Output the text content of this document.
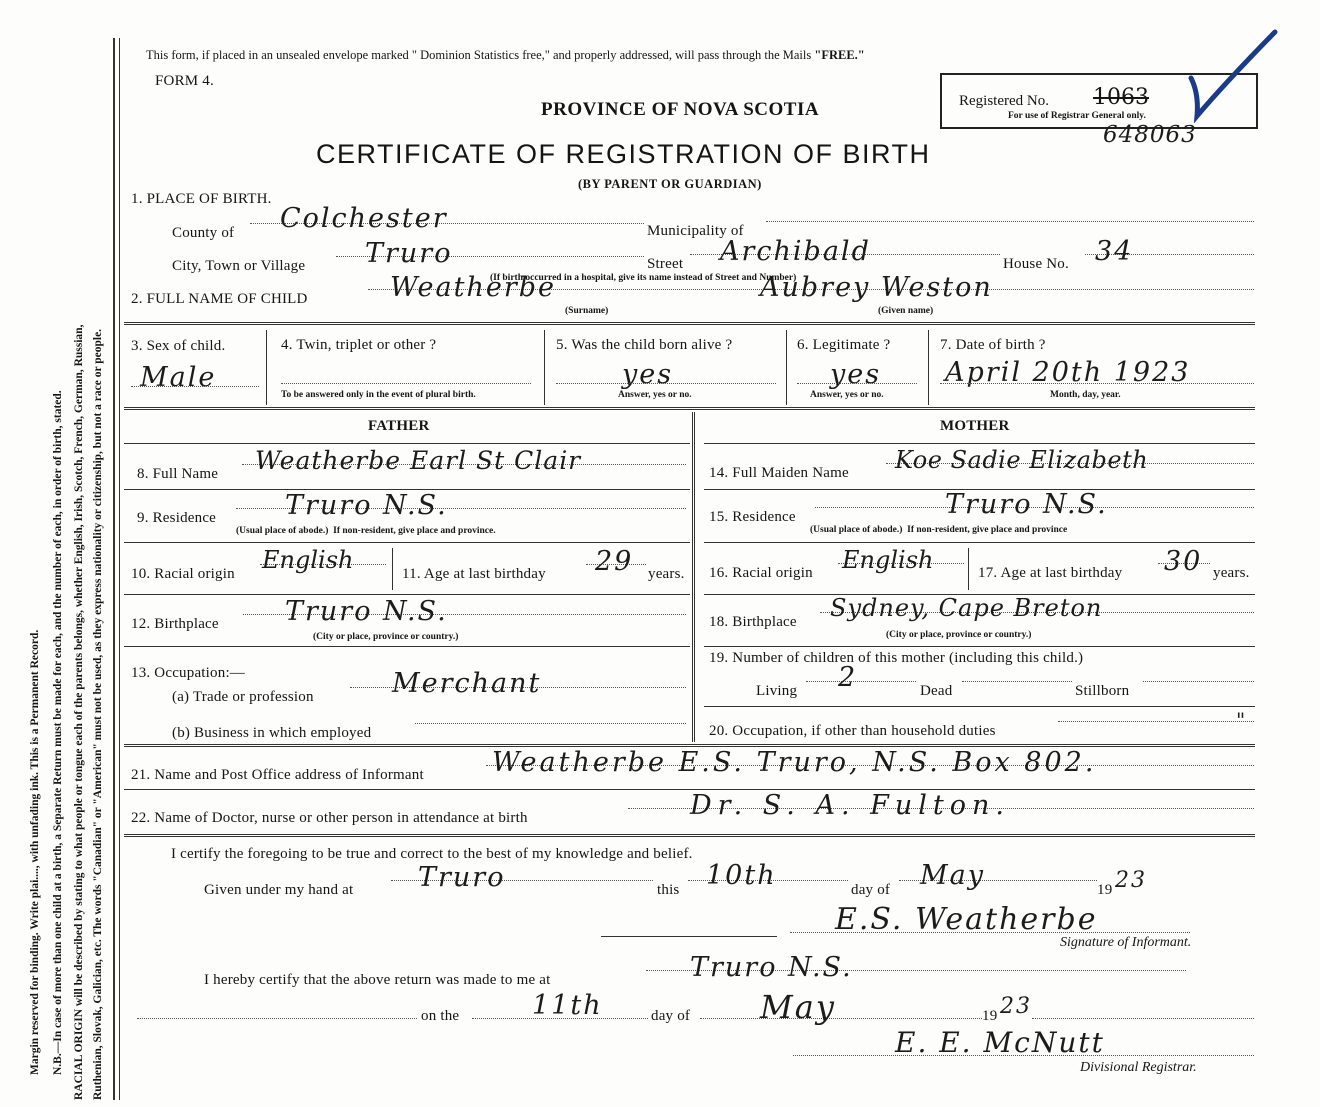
Margin reserved for binding. Write plai...., with unfading ink. This is a Permanent Record. N.B.—In case of more than one child at a birth, a Separate Return must be made for each, and the number of each, in order of birth, stated. RACIAL ORIGIN will be described by stating to what people or tongue each of the parents belongs, whether English, Irish, Scotch, French, German, Russian, Ruthenian, Slovak, Galician, etc. The words "Canadian" or "American" must not be used, as they express nationality or citizenship, but not a race or people.
This form, if placed in an unsealed envelope marked " Dominion Statistics free," and properly addressed, will pass through the Mails "FREE."
FORM 4.
PROVINCE OF NOVA SCOTIA
CERTIFICATE OF REGISTRATION OF BIRTH
(BY PARENT OR GUARDIAN)
Registered No. 1063
For use of Registrar General only.
648063
1. PLACE OF BIRTH.
County of Colchester	Municipality of
City, Town or Village Truro	Street Archibald	House No. 34
(If birth occurred in a hospital, give its name instead of Street and Number)
2. FULL NAME OF CHILD	Weatherbe
(Surname)
Aubrey Weston
(Given name)
3. Sex of child.
Male
4. Twin, triplet or other ?
To be answered only in the event of plural birth.
5. Was the child born alive ?
yes
Answer, yes or no.
6. Legitimate ?
yes
Answer, yes or no.
7. Date of birth ?
April 20th 1923
Month, day, year.
FATHER	MOTHER
8. Full Name Weatherbe Earl St Clair
9. Residence	Truro N.S.
(Usual place of abode.) If non-resident, give place and province.
10. Racial origin English	11. Age at last birthday 29 years.
12. Birthplace Truro N.S.
(City or place, province or country.)
13. Occupation:—
(a) Trade or profession	Merchant
(b) Business in which employed
14. Full Maiden Name Koe Sadie Elizabeth
15. Residence	Truro N.S.
(Usual place of abode.) If non-resident, give place and province
16. Racial origin English	17. Age at last birthday 30 years.
18. Birthplace Sydney, Cape Breton
(City or place, province or country.)
19. Number of children of this mother (including this child.)
Living 2	Dead	Stillborn
20. Occupation, if other than household duties	"
21. Name and Post Office address of Informant	Weatherbe E.S. Truro, N.S. Box 802.
22. Name of Doctor, nurse or other person in attendance at birth	Dr. S. A. Fulton.
I certify the foregoing to be true and correct to the best of my knowledge and belief.
Given under my hand at Truro	this 10th	day of May	19 23
E.S. Weatherbe
Signature of Informant.
I hereby certify that the above return was made to me at	Truro N.S.
on the	11th	day of May	19 23
E. E. McNutt
Divisional Registrar.
